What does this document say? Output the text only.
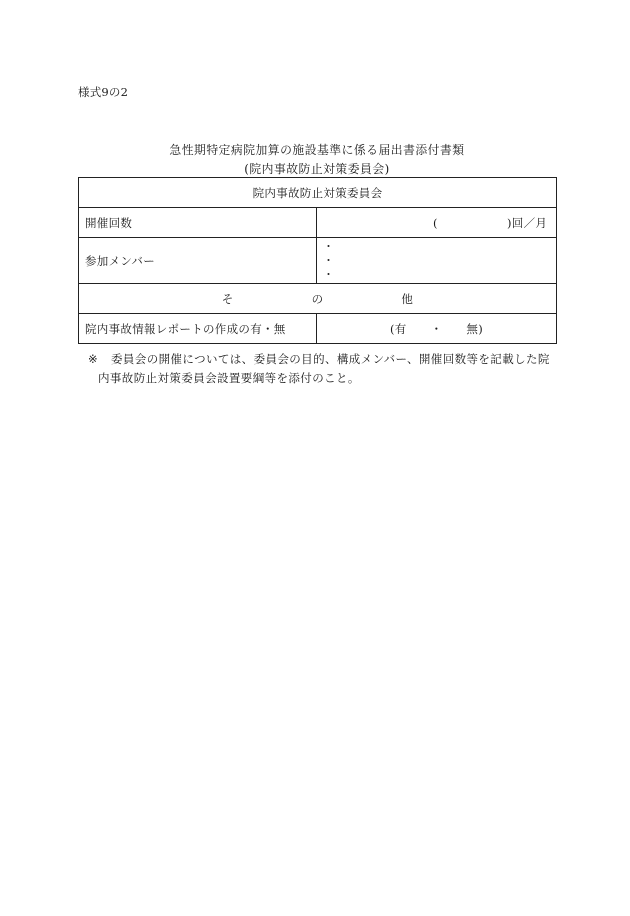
様式9の2
急性期特定病院加算の施設基準に係る届出書添付書類
(院内事故防止対策委員会)
院内事故防止対策委員会	
開催回数	( )回／月

参加メンバー	・
・
・

そ の 他	
院内事故情報レポートの作成の有・無	(有 ・ 無)
※ 委員会の開催については、委員会の目的、構成メンバー、開催回数等を記載した院
内事故防止対策委員会設置要綱等を添付のこと。
